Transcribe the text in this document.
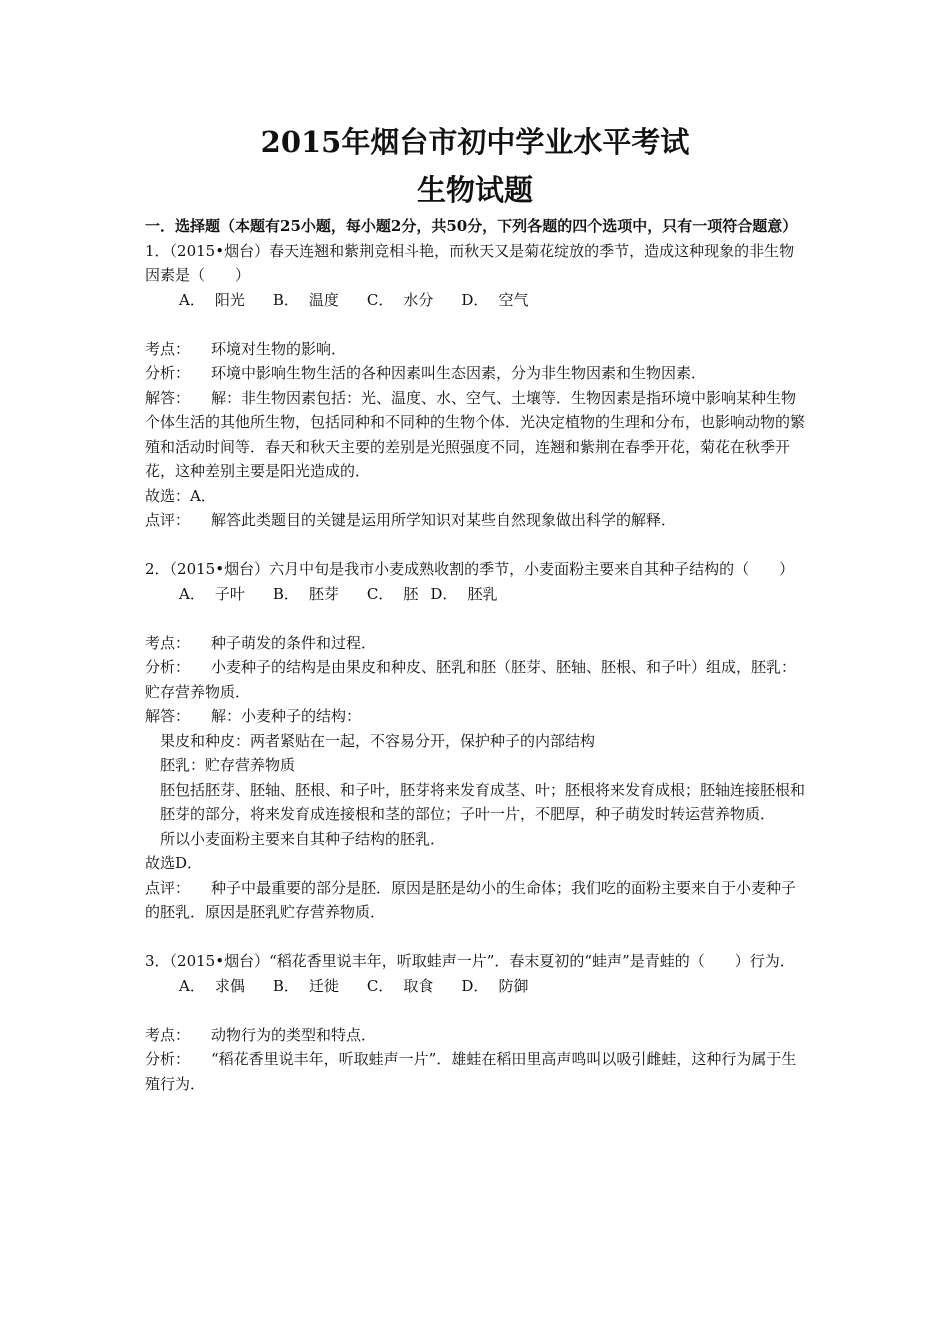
2015年烟台市初中学业水平考试
生物试题

一．选择题（本题有25小题，每小题2分，共50分，下列各题的四个选项中，只有一项符合题意）

1．（2015•烟台）春天连翘和紫荆竞相斗艳，而秋天又是菊花绽放的季节，造成这种现象的非生物因素是（　　）

A． 阳光 B． 温度 C． 水分 D． 空气

考点： 环境对生物的影响．

分析： 环境中影响生物生活的各种因素叫生态因素，分为非生物因素和生物因素．

解答： 解：非生物因素包括：光、温度、水、空气、土壤等．生物因素是指环境中影响某种生物个体生活的其他所生物，包括同种和不同种的生物个体．光决定植物的生理和分布，也影响动物的繁殖和活动时间等．春天和秋天主要的差别是光照强度不同，连翘和紫荆在春季开花，菊花在秋季开花，这种差别主要是阳光造成的．

故选：A．

点评： 解答此类题目的关键是运用所学知识对某些自然现象做出科学的解释．

2．（2015•烟台）六月中旬是我市小麦成熟收割的季节，小麦面粉主要来自其种子结构的（　　）

A． 子叶 B． 胚芽 C． 胚 D． 胚乳

考点： 种子萌发的条件和过程．

分析： 小麦种子的结构是由果皮和种皮、胚乳和胚（胚芽、胚轴、胚根、和子叶）组成，胚乳：贮存营养物质．

解答： 解：小麦种子的结构：

果皮和种皮：两者紧贴在一起，不容易分开，保护种子的内部结构

胚乳：贮存营养物质

胚包括胚芽、胚轴、胚根、和子叶，胚芽将来发育成茎、叶；胚根将来发育成根；胚轴连接胚根和胚芽的部分，将来发育成连接根和茎的部位；子叶一片，不肥厚，种子萌发时转运营养物质．

所以小麦面粉主要来自其种子结构的胚乳．

故选D．

点评： 种子中最重要的部分是胚．原因是胚是幼小的生命体；我们吃的面粉主要来自于小麦种子的胚乳．原因是胚乳贮存营养物质．

3．（2015•烟台）“稻花香里说丰年，听取蛙声一片”．春末夏初的“蛙声”是青蛙的（　　）行为．

A． 求偶 B． 迁徙 C． 取食 D． 防御

考点： 动物行为的类型和特点．

分析： “稻花香里说丰年，听取蛙声一片”．雄蛙在稻田里高声鸣叫以吸引雌蛙，这种行为属于生殖行为．
